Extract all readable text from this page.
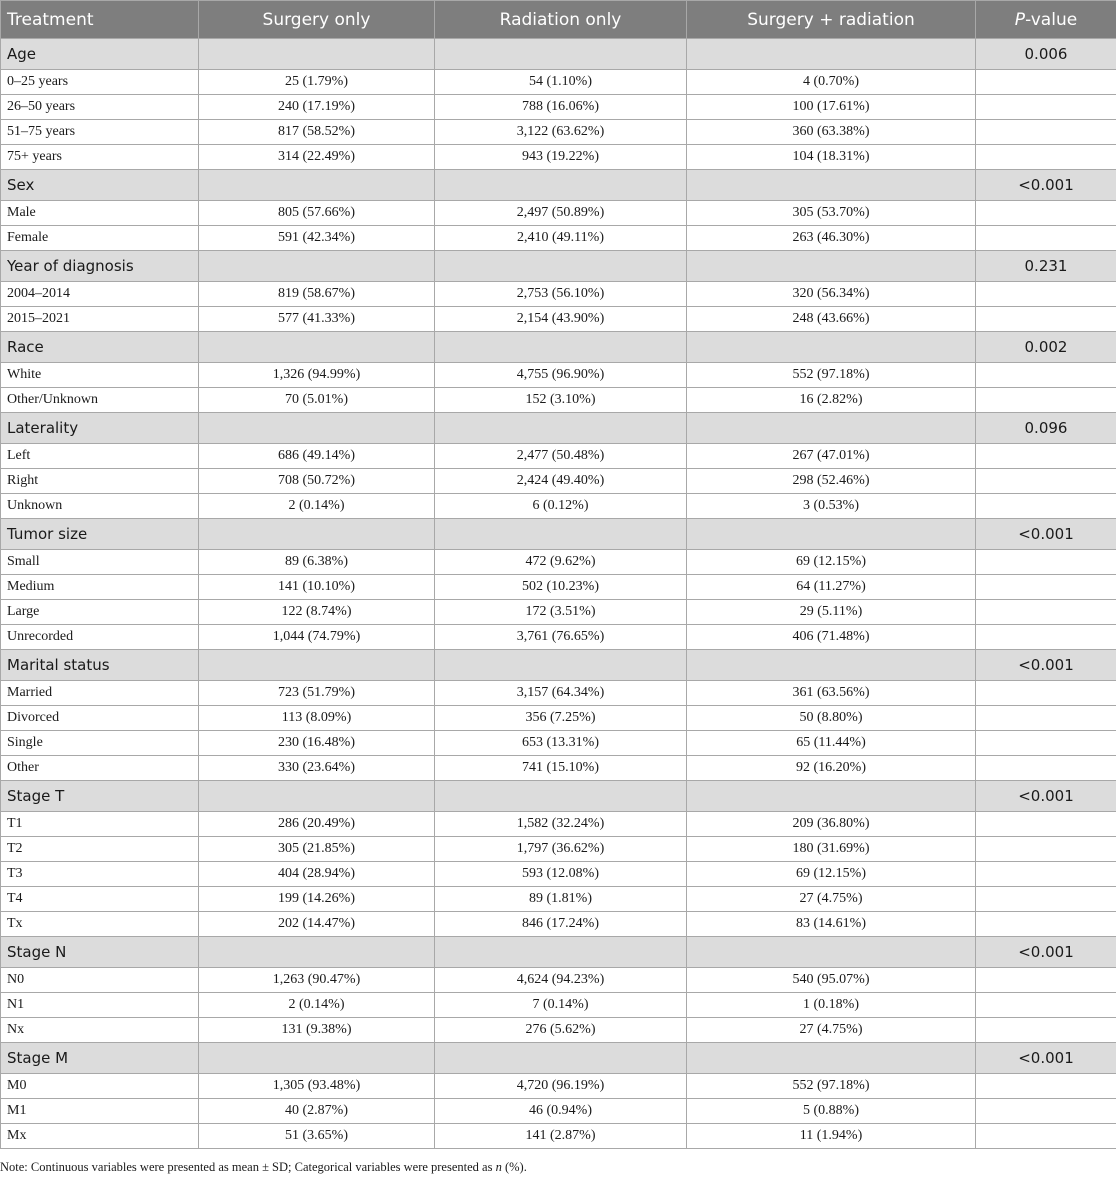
Treatment	Surgery only	Radiation only	Surgery + radiation	P-value
Age				0.006
0–25 years	25 (1.79%)	54 (1.10%)	4 (0.70%)	
26–50 years	240 (17.19%)	788 (16.06%)	100 (17.61%)	
51–75 years	817 (58.52%)	3,122 (63.62%)	360 (63.38%)	
75+ years	314 (22.49%)	943 (19.22%)	104 (18.31%)	
Sex				<0.001
Male	805 (57.66%)	2,497 (50.89%)	305 (53.70%)	
Female	591 (42.34%)	2,410 (49.11%)	263 (46.30%)	
Year of diagnosis				0.231
2004–2014	819 (58.67%)	2,753 (56.10%)	320 (56.34%)	
2015–2021	577 (41.33%)	2,154 (43.90%)	248 (43.66%)	
Race				0.002
White	1,326 (94.99%)	4,755 (96.90%)	552 (97.18%)	
Other/Unknown	70 (5.01%)	152 (3.10%)	16 (2.82%)	
Laterality				0.096
Left	686 (49.14%)	2,477 (50.48%)	267 (47.01%)	
Right	708 (50.72%)	2,424 (49.40%)	298 (52.46%)	
Unknown	2 (0.14%)	6 (0.12%)	3 (0.53%)	
Tumor size				<0.001
Small	89 (6.38%)	472 (9.62%)	69 (12.15%)	
Medium	141 (10.10%)	502 (10.23%)	64 (11.27%)	
Large	122 (8.74%)	172 (3.51%)	29 (5.11%)	
Unrecorded	1,044 (74.79%)	3,761 (76.65%)	406 (71.48%)	
Marital status				<0.001
Married	723 (51.79%)	3,157 (64.34%)	361 (63.56%)	
Divorced	113 (8.09%)	356 (7.25%)	50 (8.80%)	
Single	230 (16.48%)	653 (13.31%)	65 (11.44%)	
Other	330 (23.64%)	741 (15.10%)	92 (16.20%)	
Stage T				<0.001
T1	286 (20.49%)	1,582 (32.24%)	209 (36.80%)	
T2	305 (21.85%)	1,797 (36.62%)	180 (31.69%)	
T3	404 (28.94%)	593 (12.08%)	69 (12.15%)	
T4	199 (14.26%)	89 (1.81%)	27 (4.75%)	
Tx	202 (14.47%)	846 (17.24%)	83 (14.61%)	
Stage N				<0.001
N0	1,263 (90.47%)	4,624 (94.23%)	540 (95.07%)	
N1	2 (0.14%)	7 (0.14%)	1 (0.18%)	
Nx	131 (9.38%)	276 (5.62%)	27 (4.75%)	
Stage M				<0.001
M0	1,305 (93.48%)	4,720 (96.19%)	552 (97.18%)	
M1	40 (2.87%)	46 (0.94%)	5 (0.88%)	
Mx	51 (3.65%)	141 (2.87%)	11 (1.94%)	
Note: Continuous variables were presented as mean ± SD; Categorical variables were presented as n (%).
